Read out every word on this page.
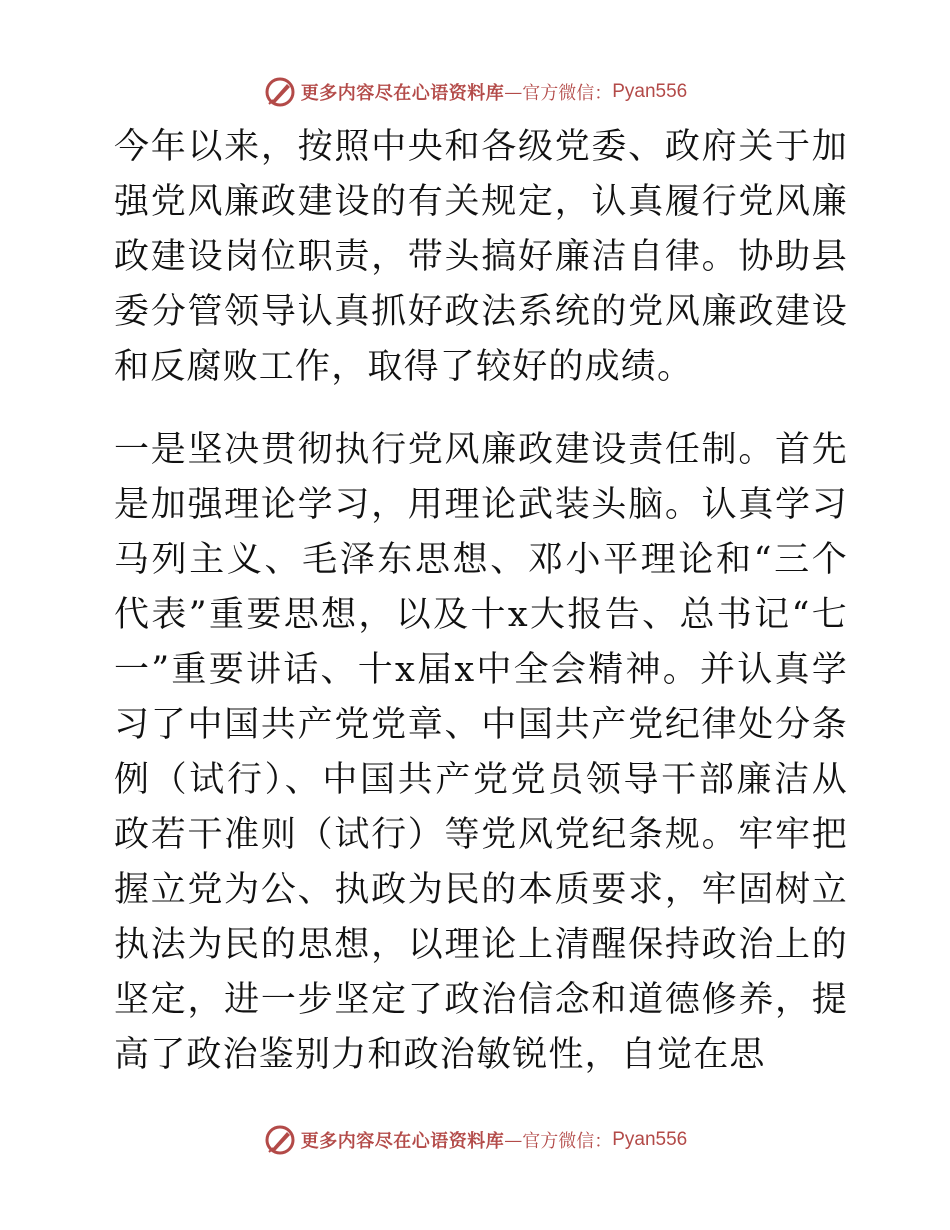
更多内容尽在心语资料库 — 官方微信： Pyan556

今年以来，按照中央和各级党委、政府关于加强党风廉政建设的有关规定，认真履行党风廉政建设岗位职责，带头搞好廉洁自律。协助县委分管领导认真抓好政法系统的党风廉政建设和反腐败工作，取得了较好的成绩。

一是坚决贯彻执行党风廉政建设责任制。首先是加强理论学习，用理论武装头脑。认真学习马列主义、毛泽东思想、邓小平理论和“三个代表”重要思想，以及十x大报告、总书记“七一”重要讲话、十x届x中全会精神。并认真学习了中国共产党党章、中国共产党纪律处分条例（试行）、中国共产党党员领导干部廉洁从政若干准则（试行）等党风党纪条规。牢牢把握立党为公、执政为民的本质要求，牢固树立执法为民的思想，以理论上清醒保持政治上的坚定，进一步坚定了政治信念和道德修养，提高了政治鉴别力和政治敏锐性，自觉在思

更多内容尽在心语资料库 — 官方微信： Pyan556
